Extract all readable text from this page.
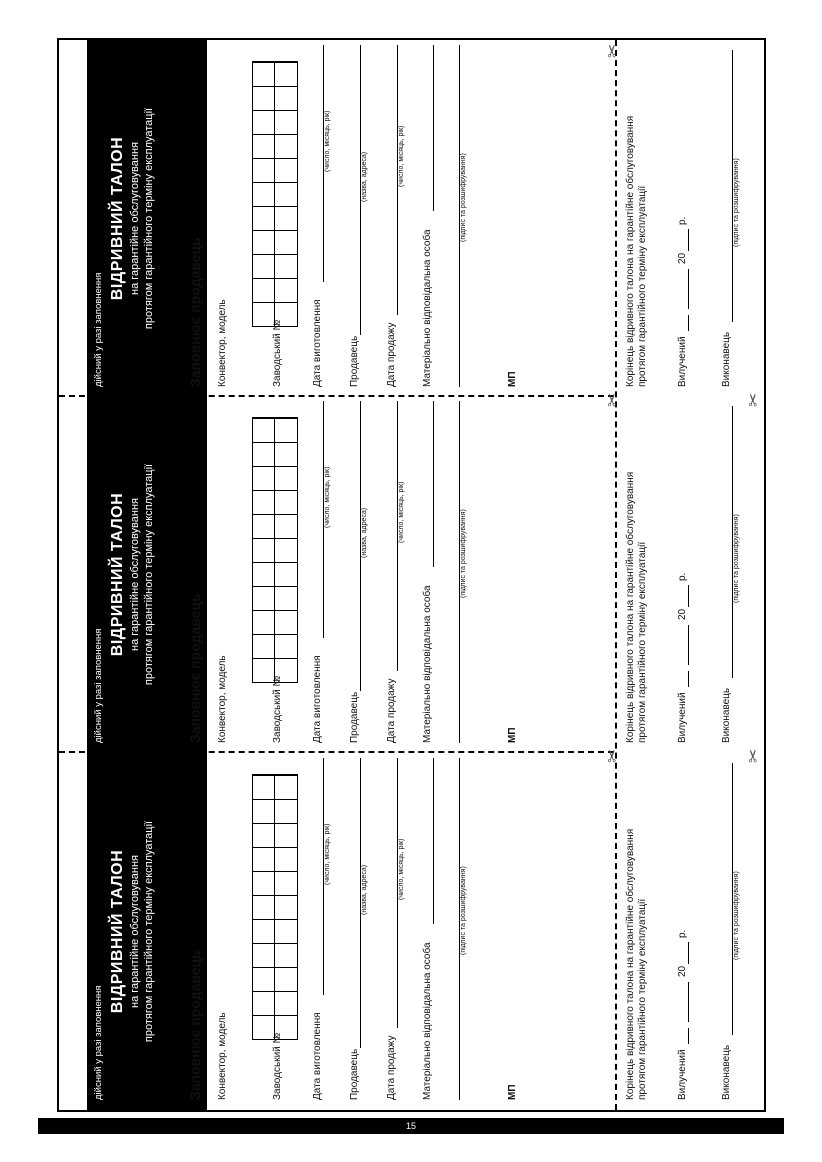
✂
✂
✂
✂
✂
дійсний у разі заповнення
ВІДРИВНИЙ ТАЛОН на гарантійне обслуговування протягом гарантійного терміну експлуатації Заповнює продавець Конвектор, модель	Заводський №	Дата виготовлення
(число, місяць, рік)
Продавець
(назва, адреса)
Дата продажу
(число, місяць, рік)
Матеріально відповідальна особа
(підпис та розшифрування)
МП
дійсний у разі заповнення
ВІДРИВНИЙ ТАЛОН на гарантійне обслуговування протягом гарантійного терміну експлуатації Заповнює продавець Конвектор, модель	Заводський №	Дата виготовлення
(число, місяць, рік)
Продавець
(назва, адреса)
Дата продажу
(число, місяць, рік)
Матеріально відповідальна особа
(підпис та розшифрування)
МП
дійсний у разі заповнення
ВІДРИВНИЙ ТАЛОН на гарантійне обслуговування протягом гарантійного терміну експлуатації Заповнює продавець Конвектор, модель	Заводський №	Дата виготовлення
(число, місяць, рік)
Продавець
(назва, адреса)
Дата продажу
(число, місяць, рік)
Матеріально відповідальна особа
(підпис та розшифрування)
МП
Корінець відривного талона на гарантійне обслуговування протягом гарантійного терміну експлуатації	Вилучений
20
р.
Виконавець
(підпис та розшифрування)
Корінець відривного талона на гарантійне обслуговування протягом гарантійного терміну експлуатації	Вилучений
20
р.
Виконавець
(підпис та розшифрування)
Корінець відривного талона на гарантійне обслуговування протягом гарантійного терміну експлуатації	Вилучений
20
р.
Виконавець
(підпис та розшифрування)
15
